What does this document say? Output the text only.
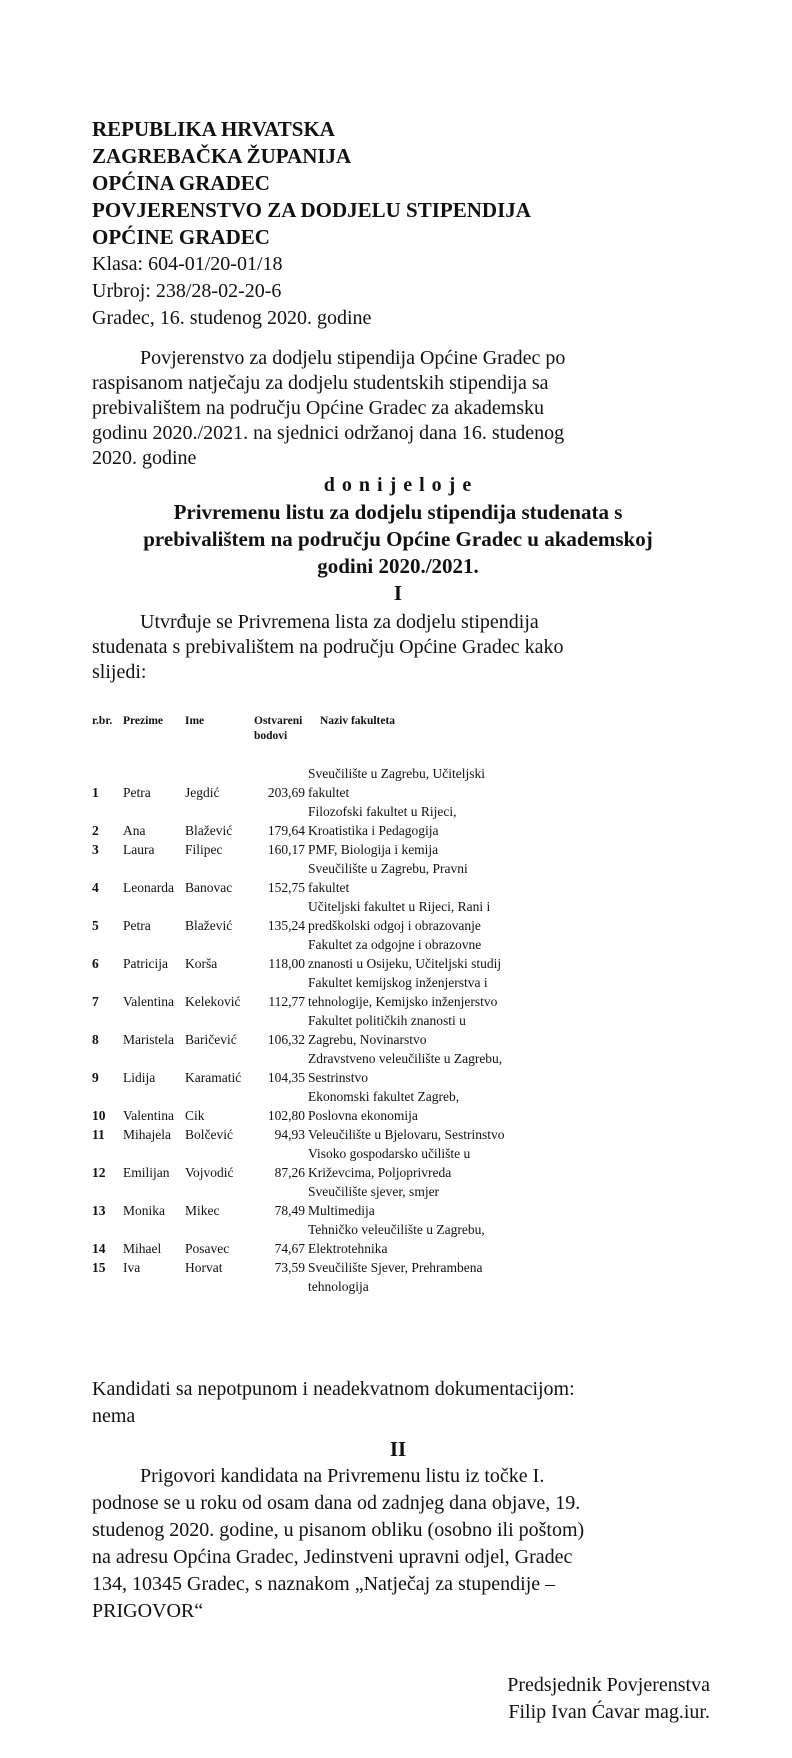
REPUBLIKA HRVATSKA
ZAGREBAČKA ŽUPANIJA
OPĆINA GRADEC
POVJERENSTVO ZA DODJELU STIPENDIJA
OPĆINE GRADEC
Klasa: 604-01/20-01/18
Urbroj: 238/28-02-20-6
Gradec, 16. studenog 2020. godine
Povjerenstvo za dodjelu stipendija Općine Gradec po
raspisanom natječaju za dodjelu studentskih stipendija sa
prebivalištem na području Općine Gradec za akademsku
godinu 2020./2021. na sjednici održanoj dana 16. studenog
2020. godine
d o n i j e l o j e
Privremenu listu za dodjelu stipendija studenata s
prebivalištem na području Općine Gradec u akademskoj
godini 2020./2021.
I
Utvrđuje se Privremena lista za dodjelu stipendija
studenata s prebivalištem na području Općine Gradec kako
slijedi:
r.br.	Prezime	Ime	Ostvareni
bodovi	Naziv fakulteta
1	Petra	Jegdić	203,69	Sveučilište u Zagrebu, Učiteljski
fakultet

2	Ana	Blažević	179,64	Filozofski fakultet u Rijeci,
Kroatistika i Pedagogija

3	Laura	Filipec	160,17	PMF, Biologija i kemija

4	Leonarda	Banovac	152,75	Sveučilište u Zagrebu, Pravni
fakultet

5	Petra	Blažević	135,24	Učiteljski fakultet u Rijeci, Rani i
predškolski odgoj i obrazovanje

6	Patricija	Korša	118,00	Fakultet za odgojne i obrazovne
znanosti u Osijeku, Učiteljski studij

7	Valentina	Keleković	112,77	Fakultet kemijskog inženjerstva i
tehnologije, Kemijsko inženjerstvo

8	Maristela	Baričević	106,32	Fakultet političkih znanosti u
Zagrebu, Novinarstvo

9	Lidija	Karamatić	104,35	Zdravstveno veleučilište u Zagrebu,
Sestrinstvo

10	Valentina	Cik	102,80	Ekonomski fakultet Zagreb,
Poslovna ekonomija

11	Mihajela	Bolčević	94,93	Veleučilište u Bjelovaru, Sestrinstvo

12	Emilijan	Vojvodić	87,26	Visoko gospodarsko učilište u
Križevcima, Poljoprivreda

13	Monika	Mikec	78,49	Sveučilište sjever, smjer
Multimedija

14	Mihael	Posavec	74,67	Tehničko veleučilište u Zagrebu,
Elektrotehnika

15	Iva	Horvat	73,59	Sveučilište Sjever, Prehrambena
tehnologija
Kandidati sa nepotpunom i neadekvatnom dokumentacijom:
nema
II
Prigovori kandidata na Privremenu listu iz točke I.
podnose se u roku od osam dana od zadnjeg dana objave, 19.
studenog 2020. godine, u pisanom obliku (osobno ili poštom)
na adresu Općina Gradec, Jedinstveni upravni odjel, Gradec
134, 10345 Gradec, s naznakom „Natječaj za stupendije –
PRIGOVOR“
Predsjednik Povjerenstva
Filip Ivan Ćavar mag.iur.
